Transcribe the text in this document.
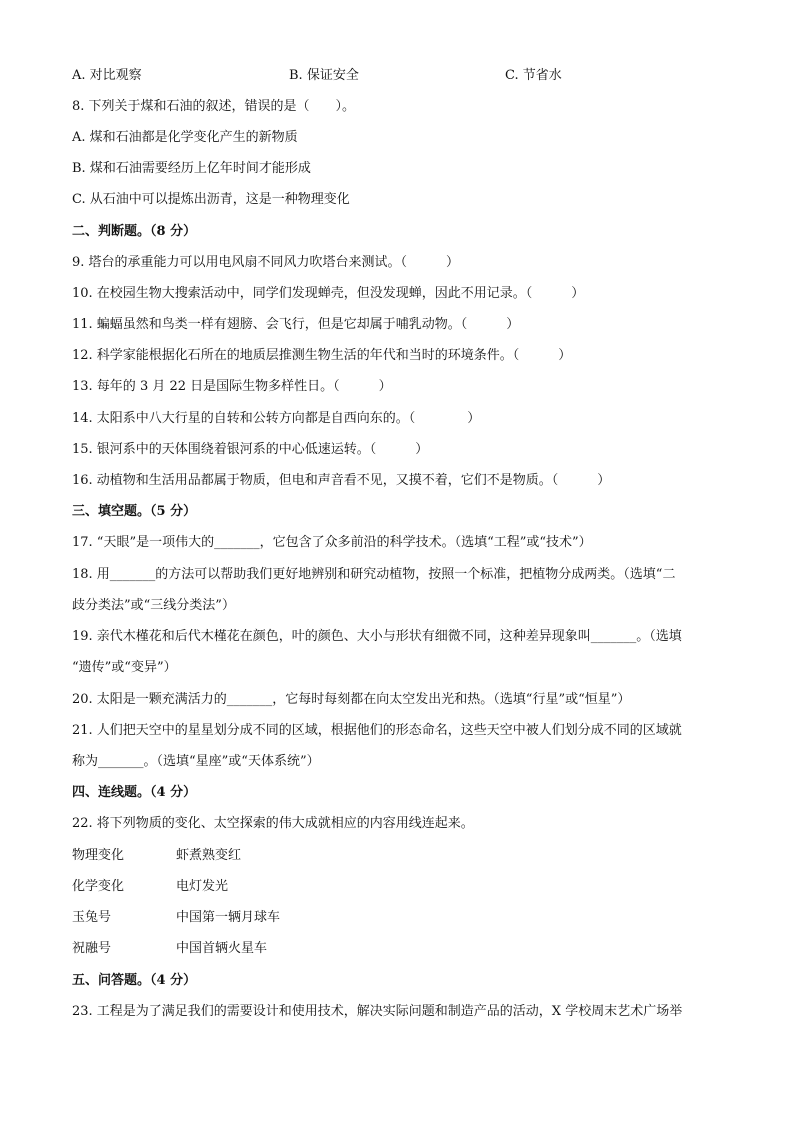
A. 对比观察	B. 保证安全	C. 节省水
8. 下列关于煤和石油的叙述，错误的是（　　）。
A. 煤和石油都是化学变化产生的新物质
B. 煤和石油需要经历上亿年时间才能形成
C. 从石油中可以提炼出沥青，这是一种物理变化
二、判断题。（8 分）
9. 塔台的承重能力可以用电风扇不同风力吹塔台来测试。（　　　）
10. 在校园生物大搜索活动中，同学们发现蝉壳，但没发现蝉，因此不用记录。（　　　）
11. 蝙蝠虽然和鸟类一样有翅膀、会飞行，但是它却属于哺乳动物。（　　　）
12. 科学家能根据化石所在的地质层推测生物生活的年代和当时的环境条件。（　　　）
13. 每年的 3 月 22 日是国际生物多样性日。（　　　）
14. 太阳系中八大行星的自转和公转方向都是自西向东的。（　　　　）
15. 银河系中的天体围绕着银河系的中心低速运转。（　　　）
16. 动植物和生活用品都属于物质，但电和声音看不见，又摸不着，它们不是物质。（　　　）
三、填空题。（5 分）
17. “天眼”是一项伟大的_______，它包含了众多前沿的科学技术。（选填“工程”或“技术”）
18. 用_______的方法可以帮助我们更好地辨别和研究动植物，按照一个标准，把植物分成两类。（选填“二
歧分类法”或“三线分类法”）
19. 亲代木槿花和后代木槿花在颜色，叶的颜色、大小与形状有细微不同，这种差异现象叫_______。（选填
“遗传”或“变异”）
20. 太阳是一颗充满活力的_______，它每时每刻都在向太空发出光和热。（选填“行星”或“恒星”）
21. 人们把天空中的星星划分成不同的区域，根据他们的形态命名，这些天空中被人们划分成不同的区域就
称为_______。（选填“星座”或“天体系统”）
四、连线题。（4 分）
22. 将下列物质的变化、太空探索的伟大成就相应的内容用线连起来。
物理变化	虾煮熟变红
化学变化	电灯发光
玉兔号	中国第一辆月球车
祝融号	中国首辆火星车
五、问答题。（4 分）
23. 工程是为了满足我们的需要设计和使用技术，解决实际问题和制造产品的活动，X 学校周末艺术广场举
